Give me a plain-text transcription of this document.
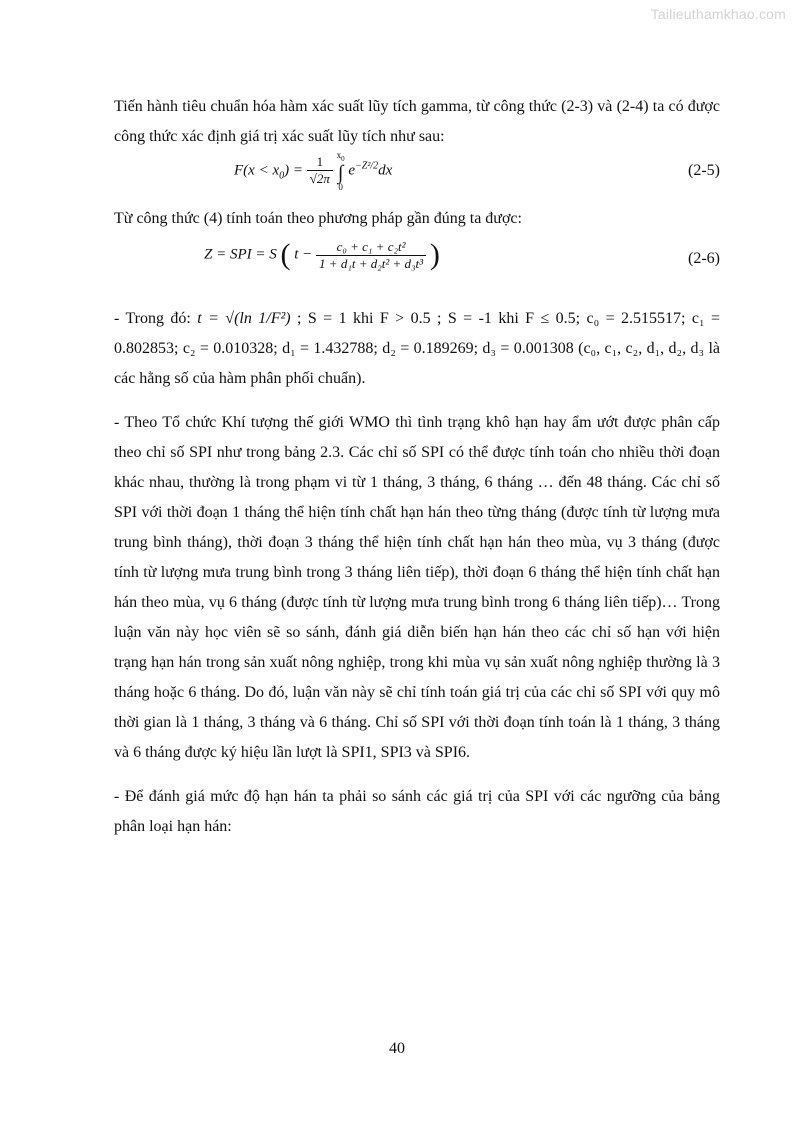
Tailieuthamkhao.com

Tiến hành tiêu chuẩn hóa hàm xác suất lũy tích gamma, từ công thức (2-3) và (2-4) ta có được công thức xác định giá trị xác suất lũy tích như sau:

$F(x < x_0) = \frac{1}{√2\pi}$
$x_0$
∫
0
$e^{-Z^2/2}dx$	(2-5)

Từ công thức (4) tính toán theo phương pháp gần đúng ta được:

Z = SPI = S ( $t - \frac{\text{c₀ + c₁ + c₂t²}}{\text{1 + d₁t + d₂t² + d₃t³}}$ )	(2-6)

- Trong đó: t = √(ln 1/F²) ; S = 1 khi F > 0.5 ; S = -1 khi F ≤ 0.5; c₀ = 2.515517; c₁ = 0.802853; c₂ = 0.010328; d₁ = 1.432788; d₂ = 0.189269; d₃ = 0.001308 (c₀, c₁, c₂, d₁, d₂, d₃ là các hằng số của hàm phân phối chuẩn).

- Theo Tổ chức Khí tượng thế giới WMO thì tình trạng khô hạn hay ẩm ướt được phân cấp theo chỉ số SPI như trong bảng 2.3. Các chỉ số SPI có thể được tính toán cho nhiều thời đoạn khác nhau, thường là trong phạm vi từ 1 tháng, 3 tháng, 6 tháng … đến 48 tháng. Các chỉ số SPI với thời đoạn 1 tháng thể hiện tính chất hạn hán theo từng tháng (được tính từ lượng mưa trung bình tháng), thời đoạn 3 tháng thể hiện tính chất hạn hán theo mùa, vụ 3 tháng (được tính từ lượng mưa trung bình trong 3 tháng liên tiếp), thời đoạn 6 tháng thể hiện tính chất hạn hán theo mùa, vụ 6 tháng (được tính từ lượng mưa trung bình trong 6 tháng liên tiếp)… Trong luận văn này học viên sẽ so sánh, đánh giá diễn biến hạn hán theo các chỉ số hạn với hiện trạng hạn hán trong sản xuất nông nghiệp, trong khi mùa vụ sản xuất nông nghiệp thường là 3 tháng hoặc 6 tháng. Do đó, luận văn này sẽ chỉ tính toán giá trị của các chỉ số SPI với quy mô thời gian là 1 tháng, 3 tháng và 6 tháng. Chỉ số SPI với thời đoạn tính toán là 1 tháng, 3 tháng và 6 tháng được ký hiệu lần lượt là SPI1, SPI3 và SPI6.

- Để đánh giá mức độ hạn hán ta phải so sánh các giá trị của SPI với các ngưỡng của bảng phân loại hạn hán:

40
